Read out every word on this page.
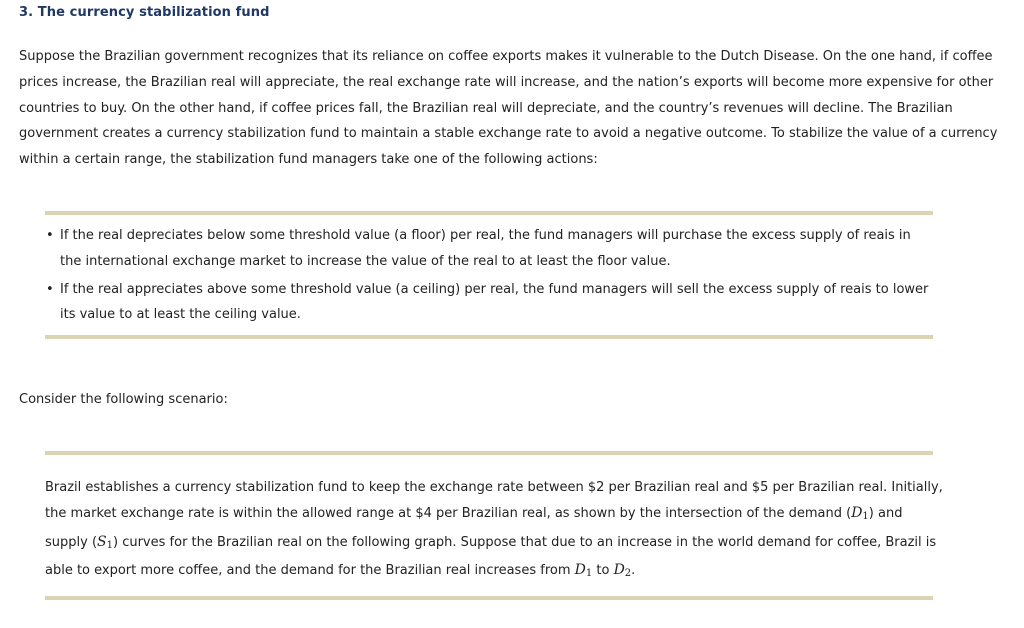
3. The currency stabilization fund

Suppose the Brazilian government recognizes that its reliance on coffee exports makes it vulnerable to the Dutch Disease. On the one hand, if coffee prices increase, the Brazilian real will appreciate, the real exchange rate will increase, and the nation’s exports will become more expensive for other countries to buy. On the other hand, if coffee prices fall, the Brazilian real will depreciate, and the country’s revenues will decline. The Brazilian government creates a currency stabilization fund to maintain a stable exchange rate to avoid a negative outcome. To stabilize the value of a currency within a certain range, the stabilization fund managers take one of the following actions:

• If the real depreciates below some threshold value (a floor) per real, the fund managers will purchase the excess supply of reais in the international exchange market to increase the value of the real to at least the floor value.
• If the real appreciates above some threshold value (a ceiling) per real, the fund managers will sell the excess supply of reais to lower its value to at least the ceiling value.

Consider the following scenario:

Brazil establishes a currency stabilization fund to keep the exchange rate between $2 per Brazilian real and $5 per Brazilian real. Initially, the market exchange rate is within the allowed range at $4 per Brazilian real, as shown by the intersection of the demand $(D_1)$ and supply $(S_1)$ curves for the Brazilian real on the following graph. Suppose that due to an increase in the world demand for coffee, Brazil is able to export more coffee, and the demand for the Brazilian real increases from $D_1$ to $D_2$.
